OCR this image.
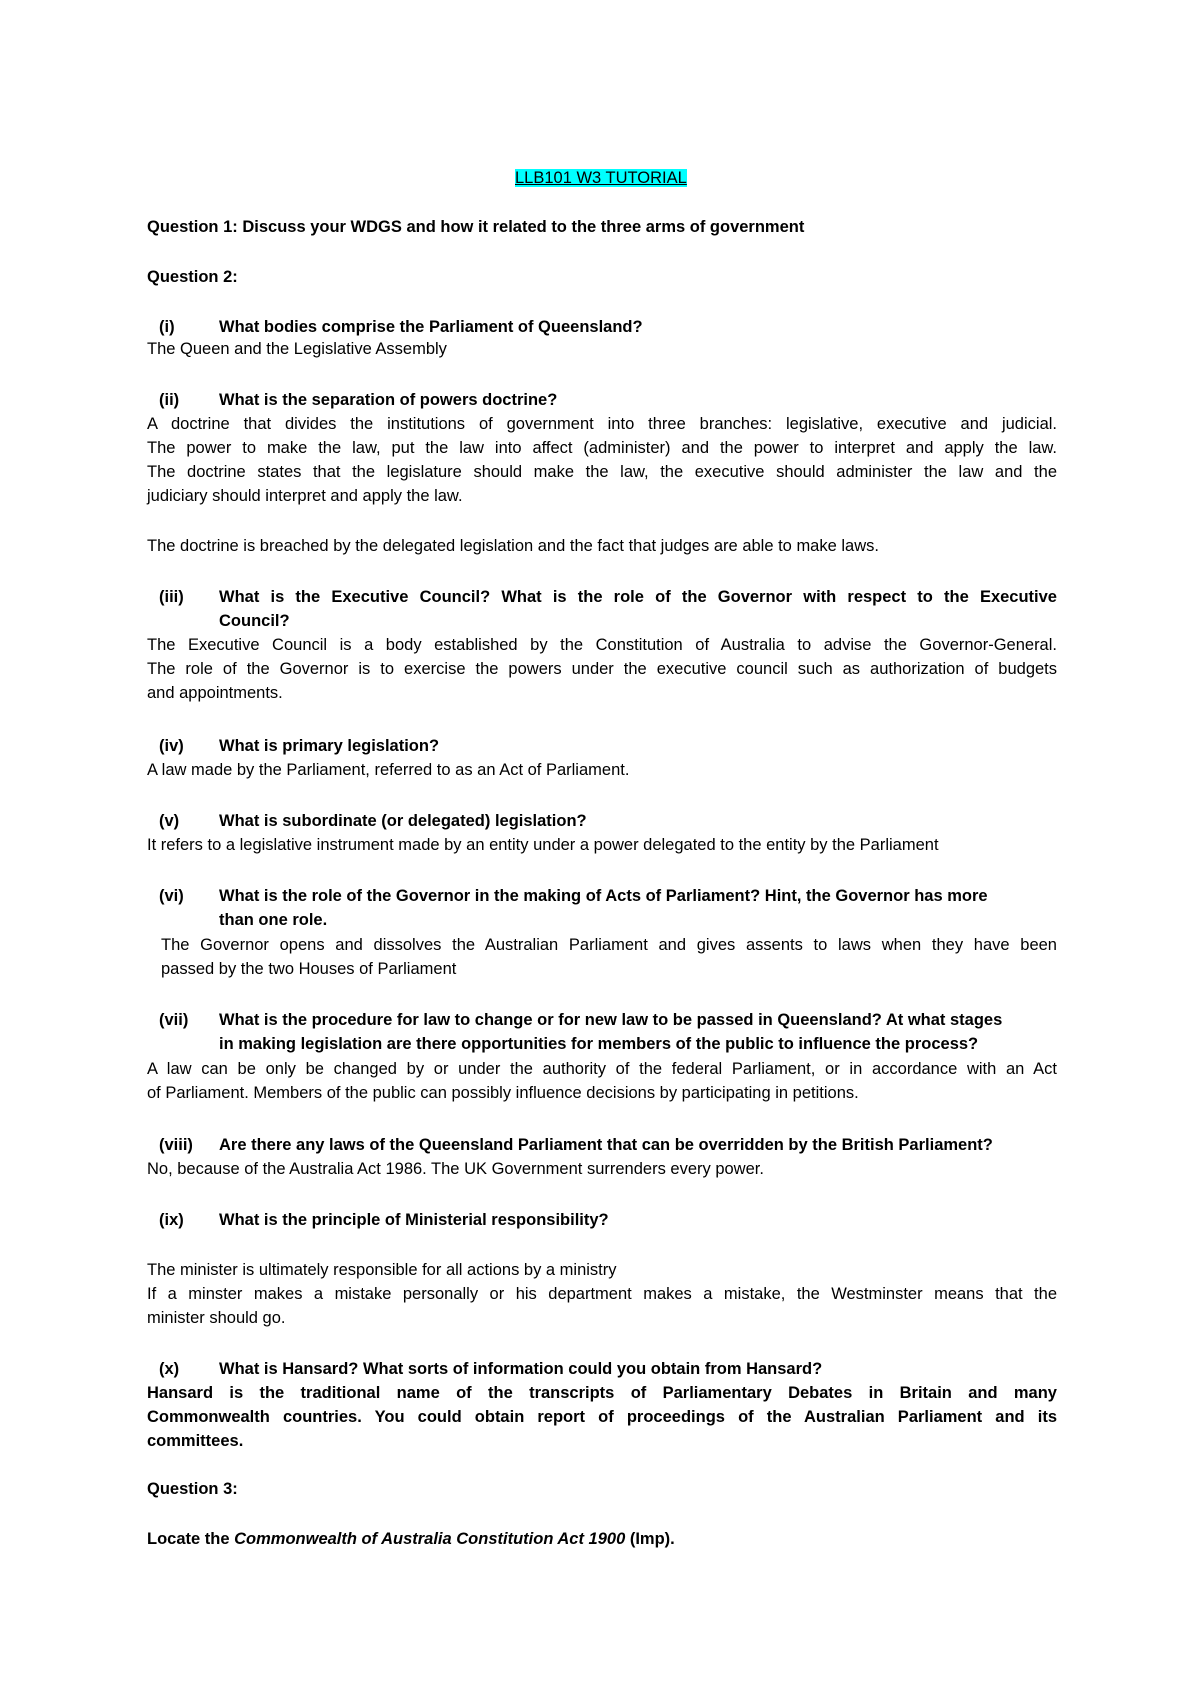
LLB101 W3 TUTORIAL
Question 1: Discuss your WDGS and how it related to the three arms of government
Question 2:
(i)	What bodies comprise the Parliament of Queensland?
The Queen and the Legislative Assembly
(ii) What is the separation of powers doctrine?
A doctrine that divides the institutions of government into three branches: legislative, executive and judicial.
The power to make the law, put the law into affect (administer) and the power to interpret and apply the law.
The doctrine states that the legislature should make the law, the executive should administer the law and the
judiciary should interpret and apply the law.
The doctrine is breached by the delegated legislation and the fact that judges are able to make laws.
(iii) What is the Executive Council? What is the role of the Governor with respect to the Executive
Council?
The Executive Council is a body established by the Constitution of Australia to advise the Governor-General.
The role of the Governor is to exercise the powers under the executive council such as authorization of budgets
and appointments.
(iv) What is primary legislation?
A law made by the Parliament, referred to as an Act of Parliament.
(v) What is subordinate (or delegated) legislation?
It refers to a legislative instrument made by an entity under a power delegated to the entity by the Parliament
(vi) What is the role of the Governor in the making of Acts of Parliament? Hint, the Governor has more
than one role.
The Governor opens and dissolves the Australian Parliament and gives assents to laws when they have been
passed by the two Houses of Parliament
(vii) What is the procedure for law to change or for new law to be passed in Queensland? At what stages
in making legislation are there opportunities for members of the public to influence the process?
A law can be only be changed by or under the authority of the federal Parliament, or in accordance with an Act
of Parliament. Members of the public can possibly influence decisions by participating in petitions.
(viii) Are there any laws of the Queensland Parliament that can be overridden by the British Parliament?
No, because of the Australia Act 1986. The UK Government surrenders every power.
(ix) What is the principle of Ministerial responsibility?
The minister is ultimately responsible for all actions by a ministry
If a minster makes a mistake personally or his department makes a mistake, the Westminster means that the
minister should go.
(x) What is Hansard? What sorts of information could you obtain from Hansard?
Hansard is the traditional name of the transcripts of Parliamentary Debates in Britain and many
Commonwealth countries. You could obtain report of proceedings of the Australian Parliament and its
committees.
Question 3:
Locate the Commonwealth of Australia Constitution Act 1900 (Imp).
